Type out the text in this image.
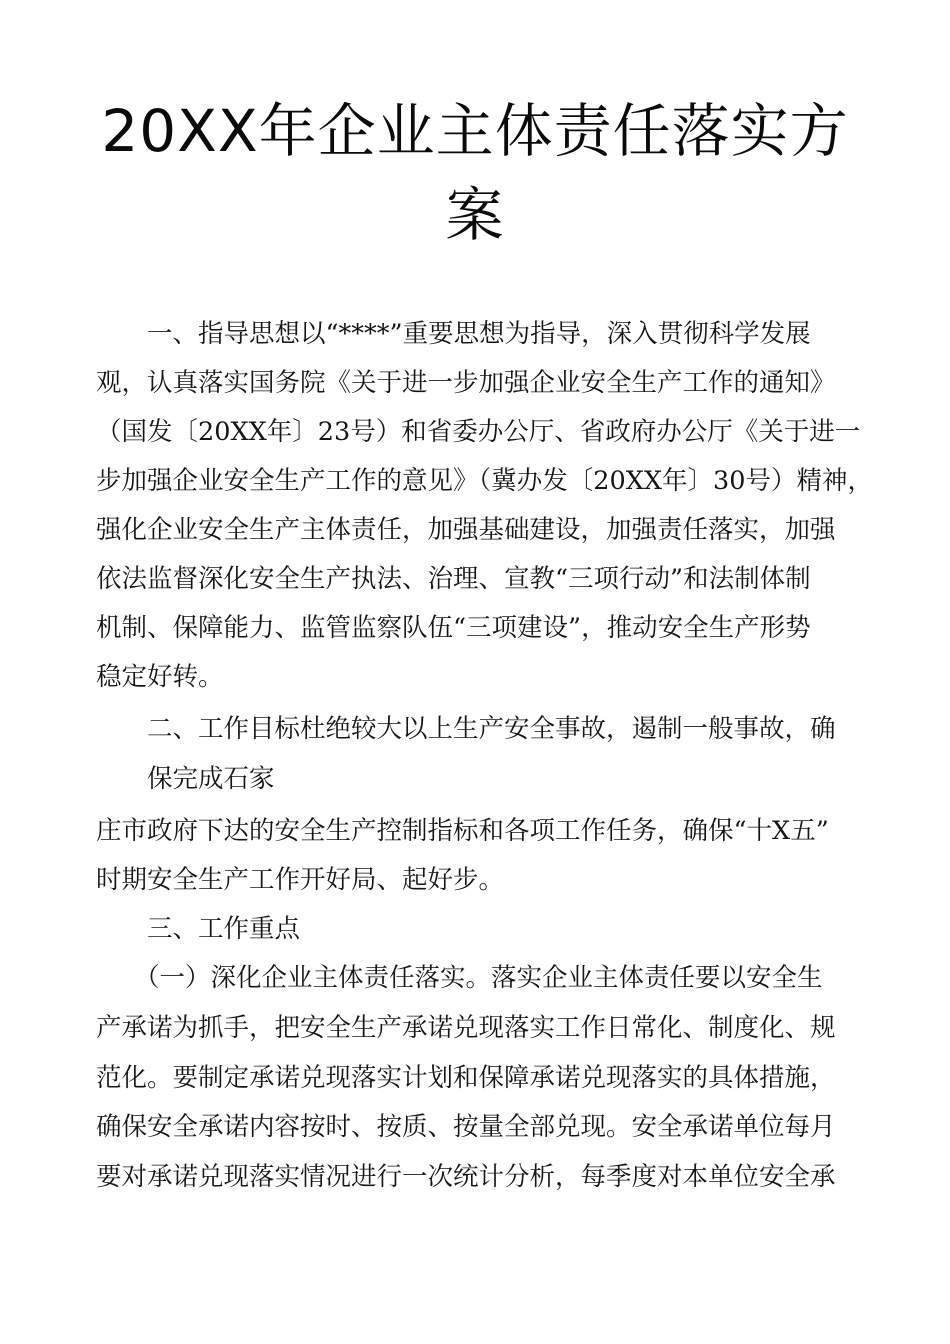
20XX年企业主体责任落实方
案

一、指导思想以“****”重要思想为指导，深入贯彻科学发展

观，认真落实国务院《关于进一步加强企业安全生产工作的通知》

（国发〔20XX年〕23号）和省委办公厅、省政府办公厅《关于进一

步加强企业安全生产工作的意见》（冀办发〔20XX年〕30号）精神，

强化企业安全生产主体责任，加强基础建设，加强责任落实，加强

依法监督深化安全生产执法、治理、宣教“三项行动”和法制体制

机制、保障能力、监管监察队伍“三项建设”，推动安全生产形势

稳定好转。

二、工作目标杜绝较大以上生产安全事故，遏制一般事故，确

保完成石家

庄市政府下达的安全生产控制指标和各项工作任务，确保“十X五”

时期安全生产工作开好局、起好步。

三、工作重点

（一）深化企业主体责任落实。落实企业主体责任要以安全生

产承诺为抓手，把安全生产承诺兑现落实工作日常化、制度化、规

范化。要制定承诺兑现落实计划和保障承诺兑现落实的具体措施，

确保安全承诺内容按时、按质、按量全部兑现。安全承诺单位每月

要对承诺兑现落实情况进行一次统计分析，每季度对本单位安全承
